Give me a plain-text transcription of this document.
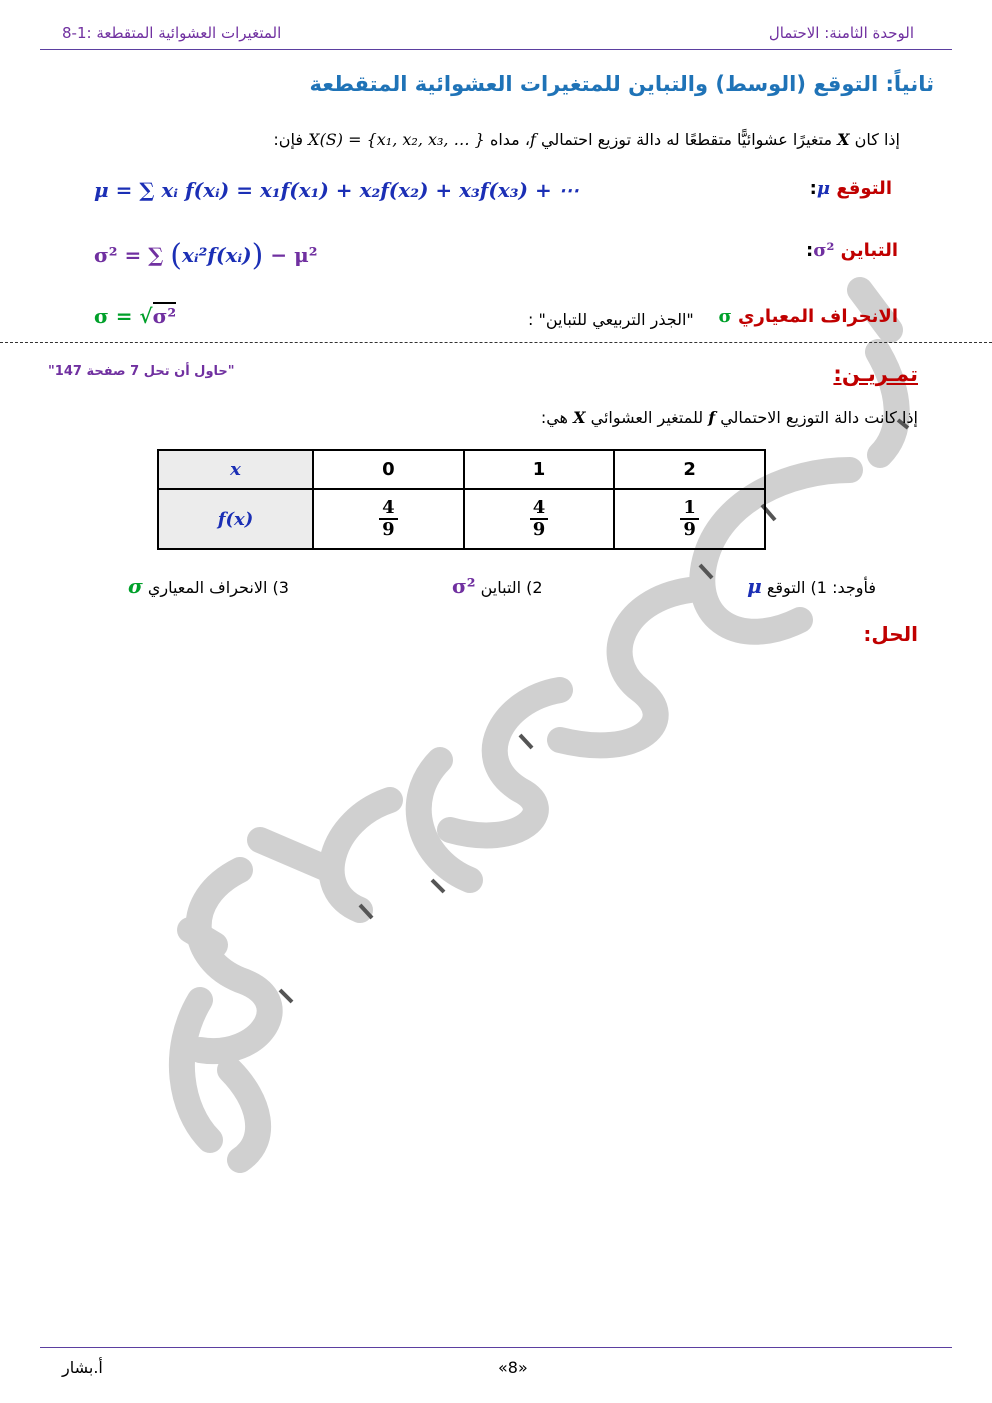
الوحدة الثامنة: الاحتمال
8-1: المتغيرات العشوائية المتقطعة
ثانياً: التوقع (الوسط) والتباين للمتغيرات العشوائية المتقطعة
إذا كان X متغيرًا عشوائيًّا متقطعًا له دالة توزيع احتمالي f، مداه X(S) = {x₁, x₂, x₃, … } فإن:
التوقع μ:
μ = ∑ xᵢ f(xᵢ) = x₁f(x₁) + x₂f(x₂) + x₃f(x₃) + ⋯
التباين σ²:
σ² = ∑ (xᵢ²f(xᵢ)) − μ²
الانحراف المعياري σ
"الجذر التربيعي للتباين" :
σ = √σ²
تمـريـن:
"حاول أن تحل 7 صفحة 147"
إذا كانت دالة التوزيع الاحتمالي f للمتغير العشوائي X هي:
x	0	1	2
f(x)	$\frac{4}{9}$	$\frac{4}{9}$	$\frac{1}{9}$
فأوجد: 1) التوقع μ
2) التباين σ²
3) الانحراف المعياري σ
الحل:
أ.بشار	«8»
